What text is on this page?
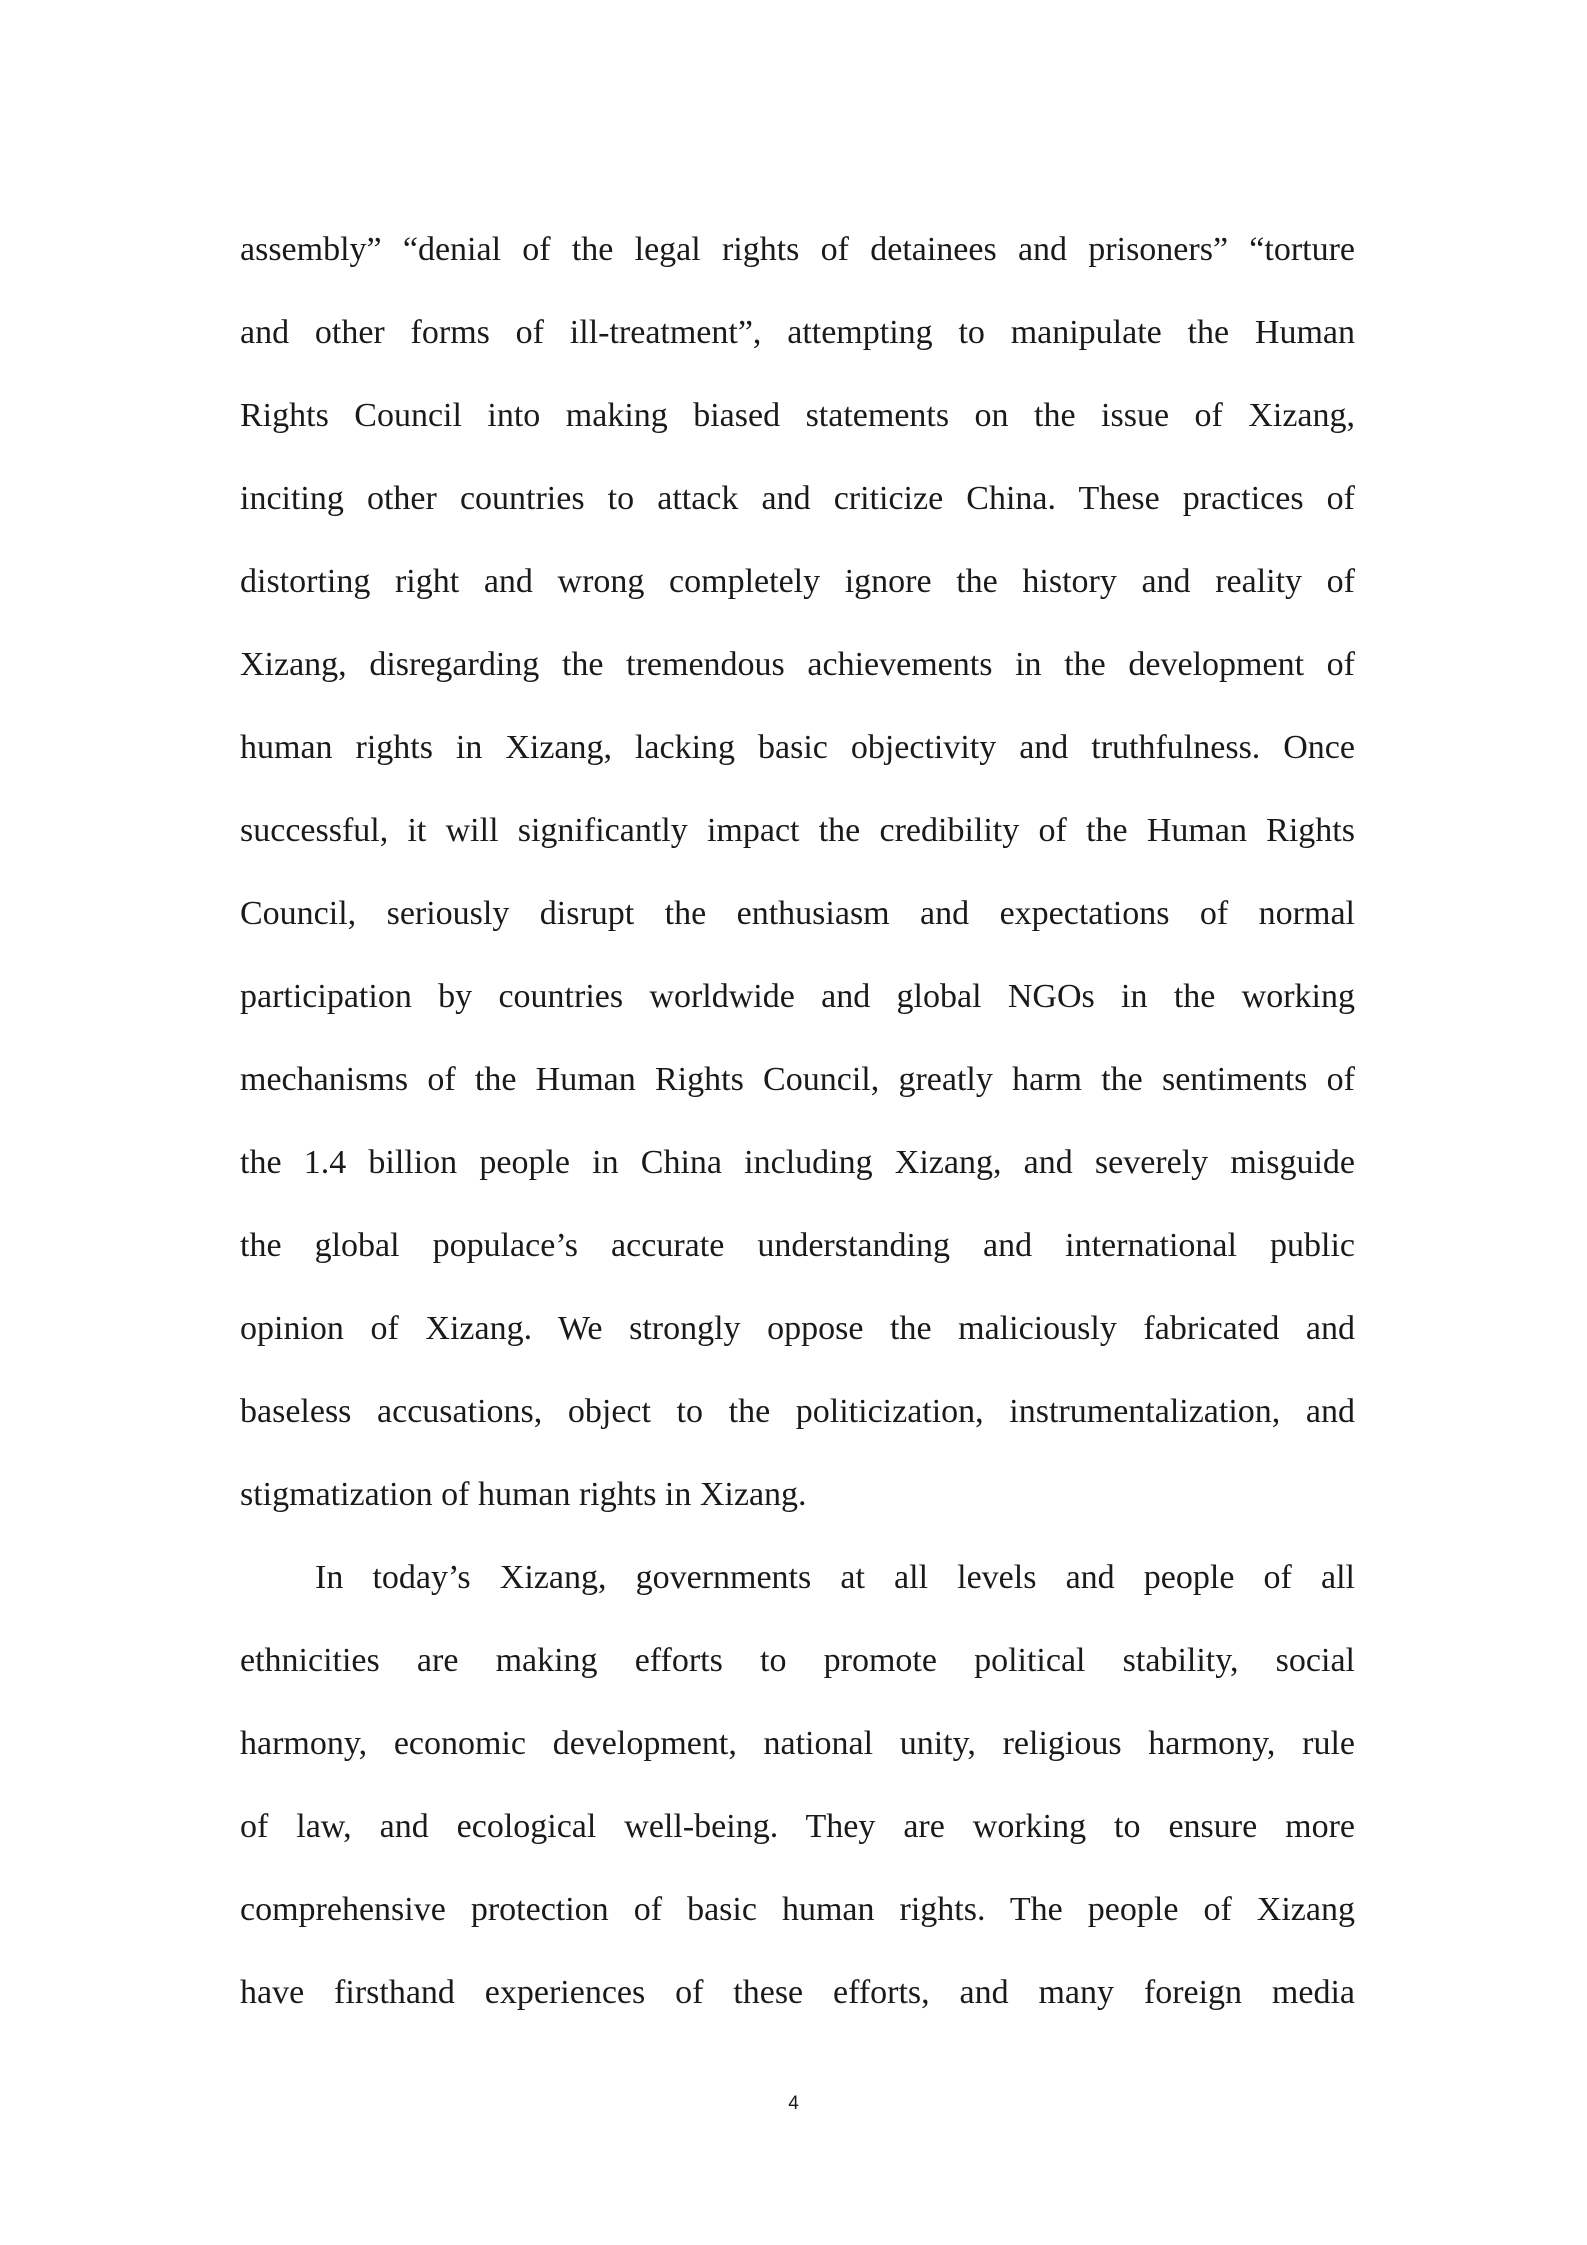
assembly” “denial of the legal rights of detainees and prisoners” “torture
and other forms of ill-treatment”, attempting to manipulate the Human
Rights Council into making biased statements on the issue of Xizang,
inciting other countries to attack and criticize China. These practices of
distorting right and wrong completely ignore the history and reality of
Xizang, disregarding the tremendous achievements in the development of
human rights in Xizang, lacking basic objectivity and truthfulness. Once
successful, it will significantly impact the credibility of the Human Rights
Council, seriously disrupt the enthusiasm and expectations of normal
participation by countries worldwide and global NGOs in the working
mechanisms of the Human Rights Council, greatly harm the sentiments of
the 1.4 billion people in China including Xizang, and severely misguide
the global populace’s accurate understanding and international public
opinion of Xizang. We strongly oppose the maliciously fabricated and
baseless accusations, object to the politicization, instrumentalization, and
stigmatization of human rights in Xizang.
In today’s Xizang, governments at all levels and people of all
ethnicities are making efforts to promote political stability, social
harmony, economic development, national unity, religious harmony, rule
of law, and ecological well-being. They are working to ensure more
comprehensive protection of basic human rights. The people of Xizang
have firsthand experiences of these efforts, and many foreign media
4
